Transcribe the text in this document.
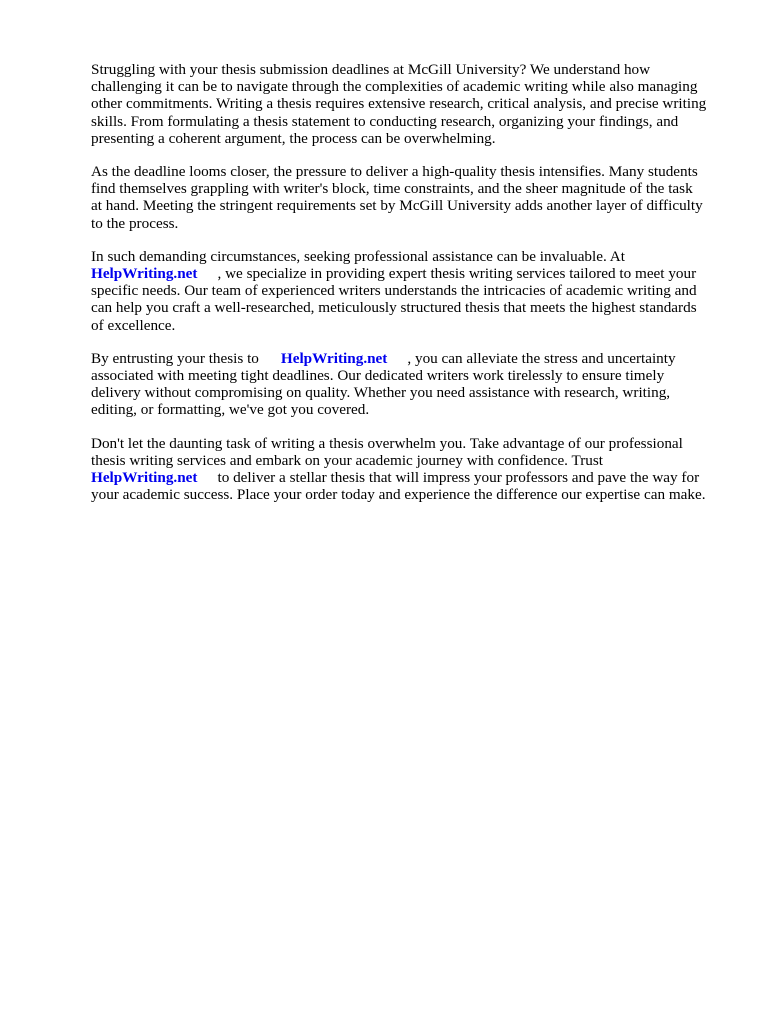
Struggling with your thesis submission deadlines at McGill University? We understand how
challenging it can be to navigate through the complexities of academic writing while also managing
other commitments. Writing a thesis requires extensive research, critical analysis, and precise writing
skills. From formulating a thesis statement to conducting research, organizing your findings, and
presenting a coherent argument, the process can be overwhelming.

As the deadline looms closer, the pressure to deliver a high-quality thesis intensifies. Many students
find themselves grappling with writer's block, time constraints, and the sheer magnitude of the task
at hand. Meeting the stringent requirements set by McGill University adds another layer of difficulty
to the process.

In such demanding circumstances, seeking professional assistance can be invaluable. At
HelpWriting.net , we specialize in providing expert thesis writing services tailored to meet your
specific needs. Our team of experienced writers understands the intricacies of academic writing and
can help you craft a well-researched, meticulously structured thesis that meets the highest standards
of excellence.

By entrusting your thesis to HelpWriting.net , you can alleviate the stress and uncertainty
associated with meeting tight deadlines. Our dedicated writers work tirelessly to ensure timely
delivery without compromising on quality. Whether you need assistance with research, writing,
editing, or formatting, we've got you covered.

Don't let the daunting task of writing a thesis overwhelm you. Take advantage of our professional
thesis writing services and embark on your academic journey with confidence. Trust
HelpWriting.net to deliver a stellar thesis that will impress your professors and pave the way for
your academic success. Place your order today and experience the difference our expertise can make.
